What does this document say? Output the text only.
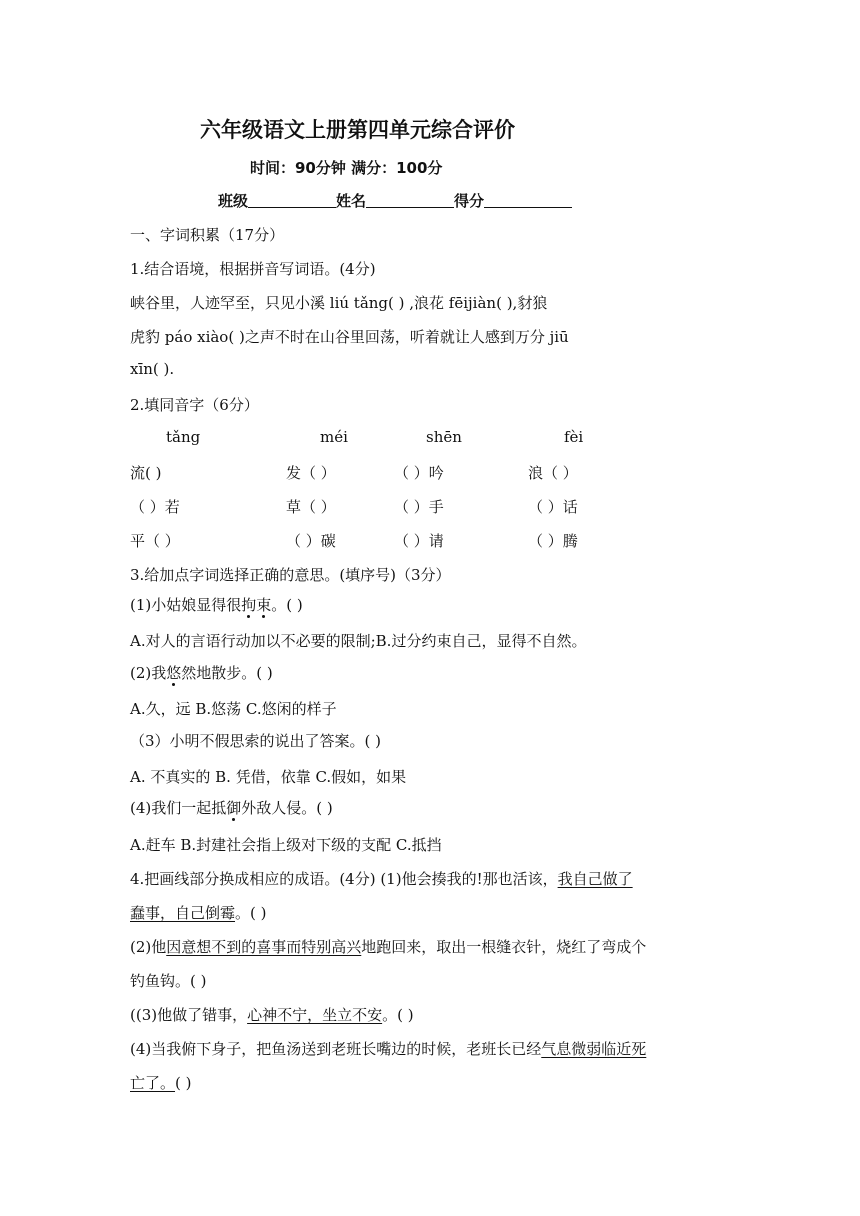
六年级语文上册第四单元综合评价
时间：90分钟 满分：100分
班级	姓名	得分
一、字词积累（17分）
1.结合语境，根据拼音写词语。(4分)
峡谷里，人迹罕至，只见小溪 liú tǎng( ) ,浪花 fēijiàn( ),豺狼
虎豹 páo xiào( )之声不时在山谷里回荡，听着就让人感到万分 jiū
xīn( ).
2.填同音字（6分）
tǎng	méi	shēn	fèi
流( )	发（ ）	（ ）吟	浪（ ）
（ ）若	草（ ）	（ ）手	（ ）话
平（ ）	（ ）碳	（ ）请	（ ）腾
3.给加点字词选择正确的意思。(填序号)（3分）
(1)小姑娘显得很拘束。( )
A.对人的言语行动加以不必要的限制;B.过分约束自己，显得不自然。
(2)我悠然地散步。( )
A.久，远 B.悠荡 C.悠闲的样子
（3）小明不假思索的说出了答案。( )
A. 不真实的 B. 凭借，依靠 C.假如，如果
(4)我们一起抵御外敌人侵。( )
A.赶车 B.封建社会指上级对下级的支配 C.抵挡
4.把画线部分换成相应的成语。(4分) (1)他会揍我的!那也活该，我自己做了
蠢事，自己倒霉。( )
(2)他因意想不到的喜事而特别高兴地跑回来，取出一根缝衣针，烧红了弯成个
钓鱼钩。( )
((3)他做了错事，心神不宁，坐立不安。( )
(4)当我俯下身子，把鱼汤送到老班长嘴边的时候，老班长已经气息微弱临近死
亡了。( )
